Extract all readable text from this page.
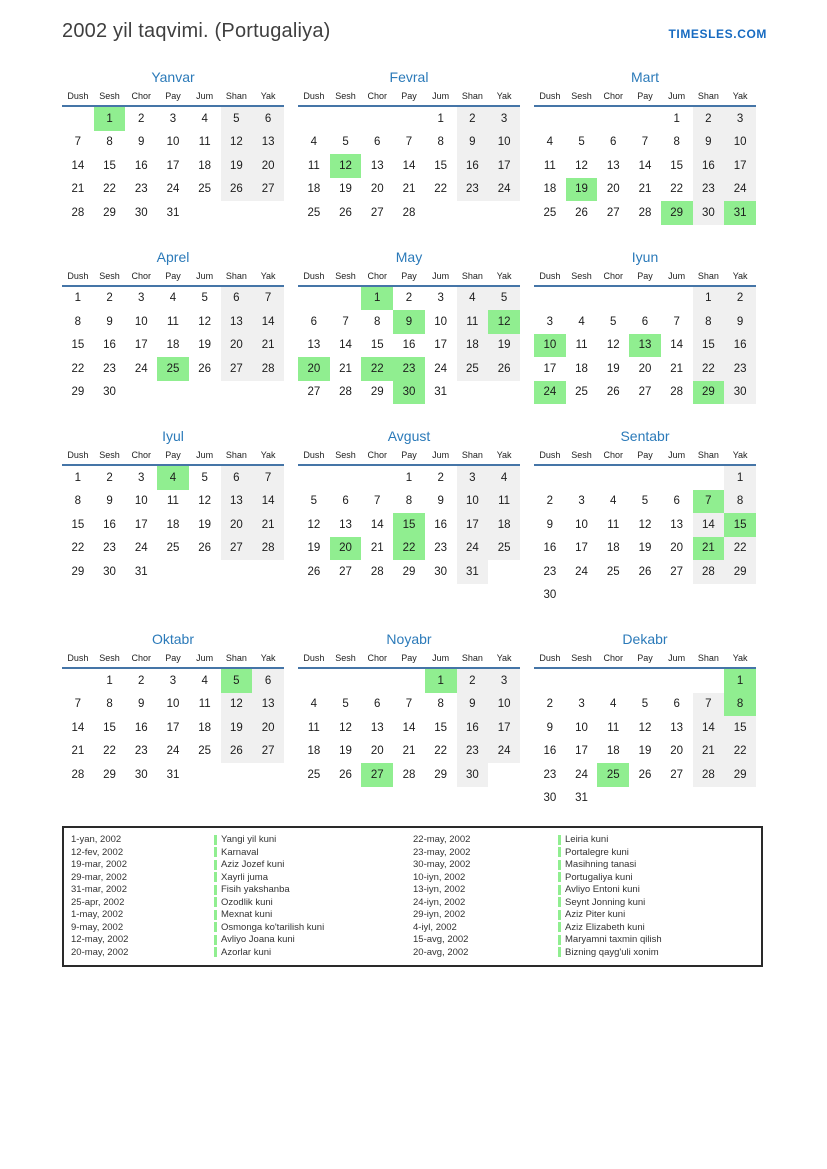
2002 yil taqvimi. (Portugaliya)	TIMESLES.COM
Yanvar
Dush	Sesh	Chor	Pay	Jum	Shan	Yak
	1	2	3	4	5	6
7	8	9	10	11	12	13
14	15	16	17	18	19	20
21	22	23	24	25	26	27
28	29	30	31			
Fevral
Dush	Sesh	Chor	Pay	Jum	Shan	Yak
				1	2	3
4	5	6	7	8	9	10
11	12	13	14	15	16	17
18	19	20	21	22	23	24
25	26	27	28			
Mart
Dush	Sesh	Chor	Pay	Jum	Shan	Yak
				1	2	3
4	5	6	7	8	9	10
11	12	13	14	15	16	17
18	19	20	21	22	23	24
25	26	27	28	29	30	31
Aprel
Dush	Sesh	Chor	Pay	Jum	Shan	Yak
1	2	3	4	5	6	7
8	9	10	11	12	13	14
15	16	17	18	19	20	21
22	23	24	25	26	27	28
29	30					
May
Dush	Sesh	Chor	Pay	Jum	Shan	Yak
		1	2	3	4	5
6	7	8	9	10	11	12
13	14	15	16	17	18	19
20	21	22	23	24	25	26
27	28	29	30	31		
Iyun
Dush	Sesh	Chor	Pay	Jum	Shan	Yak
					1	2
3	4	5	6	7	8	9
10	11	12	13	14	15	16
17	18	19	20	21	22	23
24	25	26	27	28	29	30
Iyul
Dush	Sesh	Chor	Pay	Jum	Shan	Yak
1	2	3	4	5	6	7
8	9	10	11	12	13	14
15	16	17	18	19	20	21
22	23	24	25	26	27	28
29	30	31				
Avgust
Dush	Sesh	Chor	Pay	Jum	Shan	Yak
			1	2	3	4
5	6	7	8	9	10	11
12	13	14	15	16	17	18
19	20	21	22	23	24	25
26	27	28	29	30	31	
Sentabr
Dush	Sesh	Chor	Pay	Jum	Shan	Yak
						1
2	3	4	5	6	7	8
9	10	11	12	13	14	15
16	17	18	19	20	21	22
23	24	25	26	27	28	29
30						
Oktabr
Dush	Sesh	Chor	Pay	Jum	Shan	Yak
	1	2	3	4	5	6
7	8	9	10	11	12	13
14	15	16	17	18	19	20
21	22	23	24	25	26	27
28	29	30	31			
Noyabr
Dush	Sesh	Chor	Pay	Jum	Shan	Yak
				1	2	3
4	5	6	7	8	9	10
11	12	13	14	15	16	17
18	19	20	21	22	23	24
25	26	27	28	29	30	
Dekabr
Dush	Sesh	Chor	Pay	Jum	Shan	Yak
						1
2	3	4	5	6	7	8
9	10	11	12	13	14	15
16	17	18	19	20	21	22
23	24	25	26	27	28	29
30	31					
1-yan, 2002	Yangi yil kuni	22-may, 2002	Leiria kuni
12-fev, 2002	Karnaval	23-may, 2002	Portalegre kuni
19-mar, 2002	Aziz Jozef kuni	30-may, 2002	Masihning tanasi
29-mar, 2002	Xayrli juma	10-iyn, 2002	Portugaliya kuni
31-mar, 2002	Fisih yakshanba	13-iyn, 2002	Avliyo Entoni kuni
25-apr, 2002	Ozodlik kuni	24-iyn, 2002	Seynt Jonning kuni
1-may, 2002	Mexnat kuni	29-iyn, 2002	Aziz Piter kuni
9-may, 2002	Osmonga ko'tarilish kuni	4-iyl, 2002	Aziz Elizabeth kuni
12-may, 2002	Avliyo Joana kuni	15-avg, 2002	Maryamni taxmin qilish
20-may, 2002	Azorlar kuni	20-avg, 2002	Bizning qayg'uli xonim
